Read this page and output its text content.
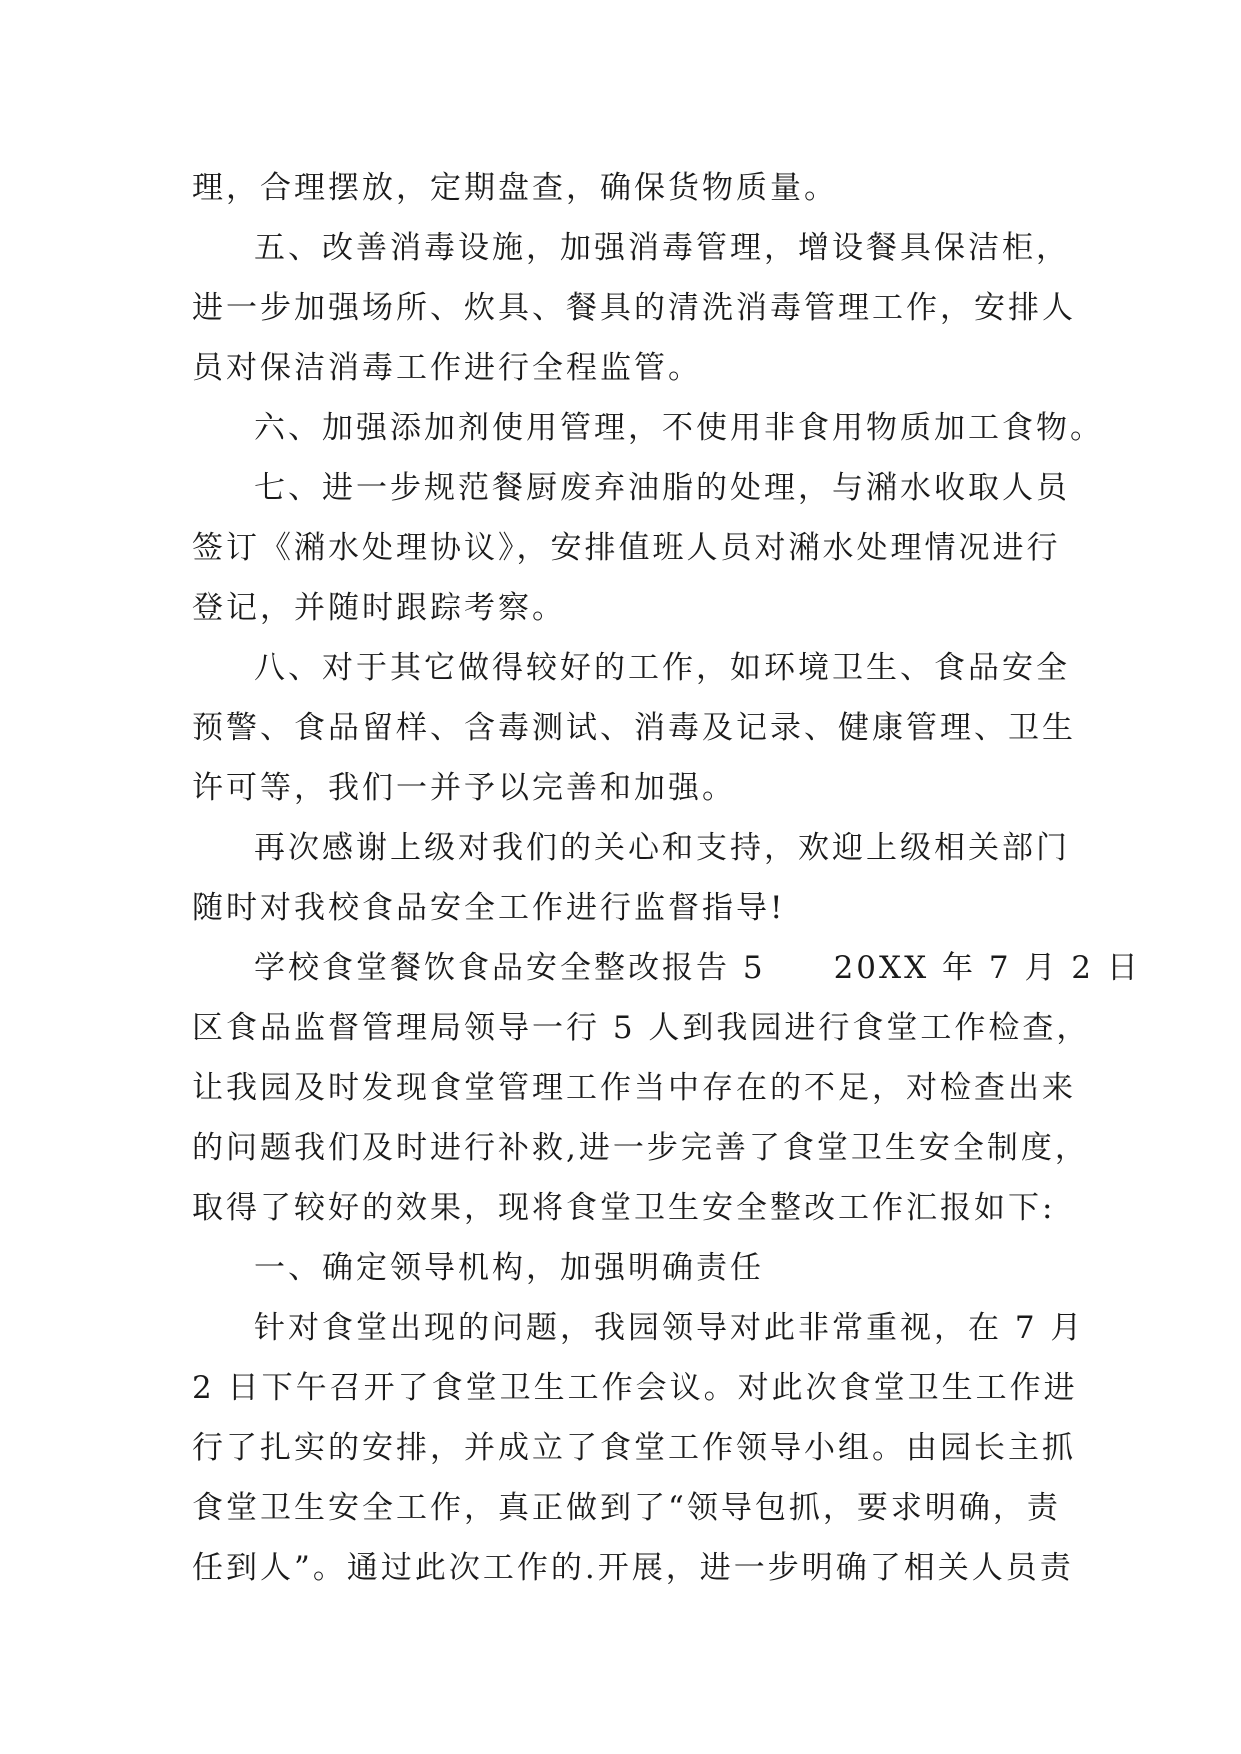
理，合理摆放，定期盘查，确保货物质量。
五、改善消毒设施，加强消毒管理，增设餐具保洁柜，
进一步加强场所、炊具、餐具的清洗消毒管理工作，安排人
员对保洁消毒工作进行全程监管。
六、加强添加剂使用管理，不使用非食用物质加工食物。
七、进一步规范餐厨废弃油脂的处理，与潲水收取人员
签订《潲水处理协议》，安排值班人员对潲水处理情况进行
登记，并随时跟踪考察。
八、对于其它做得较好的工作，如环境卫生、食品安全
预警、食品留样、含毒测试、消毒及记录、健康管理、卫生
许可等，我们一并予以完善和加强。
再次感谢上级对我们的关心和支持，欢迎上级相关部门
随时对我校食品安全工作进行监督指导!
学校食堂餐饮食品安全整改报告 5　　20XX 年 7 月 2 日
区食品监督管理局领导一行 5 人到我园进行食堂工作检查，
让我园及时发现食堂管理工作当中存在的不足，对检查出来
的问题我们及时进行补救,进一步完善了食堂卫生安全制度，
取得了较好的效果，现将食堂卫生安全整改工作汇报如下:
一、确定领导机构，加强明确责任
针对食堂出现的问题，我园领导对此非常重视，在 7 月
2 日下午召开了食堂卫生工作会议。对此次食堂卫生工作进
行了扎实的安排，并成立了食堂工作领导小组。由园长主抓
食堂卫生安全工作，真正做到了“领导包抓，要求明确，责
任到人”。通过此次工作的.开展，进一步明确了相关人员责
